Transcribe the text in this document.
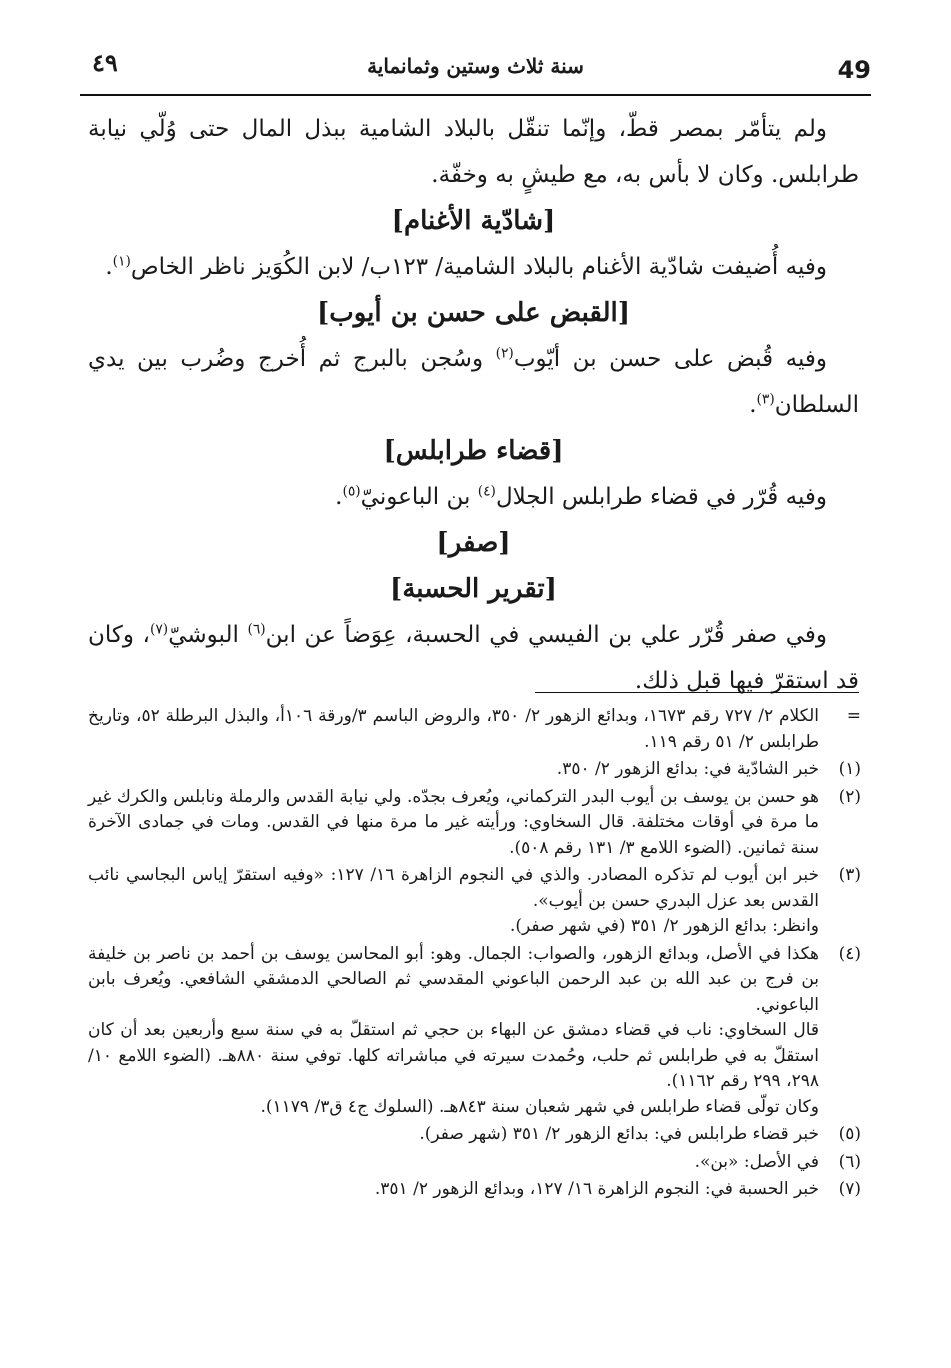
49
سنة ثلاث وستين وثمانماية
٤٩

ولم يتأمّر بمصر قطّ، وإنّما تنقّل بالبلاد الشامية ببذل المال حتى وُلّي نيابة طرابلس. وكان لا بأس به، مع طيشٍ به وخفّة.

[شادّية الأغنام]

وفيه أُضيفت شادّية الأغنام بالبلاد الشامية/ ١٢٣ب/ لابن الكُوَيز ناظر الخاص$^{(١)}$.

[القبض على حسن بن أيوب]

وفيه قُبض على حسن بن أيّوب$^{(٢)}$ وسُجن بالبرج ثم أُخرج وضُرب بين يدي السلطان$^{(٣)}$.

[قضاء طرابلس]

وفيه قُرّر في قضاء طرابلس الجلال$^{(٤)}$ بن الباعونيّ$^{(٥)}$.

[صفر]

[تقرير الحسبة]

وفي صفر قُرّر علي بن الفيسي في الحسبة، عِوَضاً عن ابن$^{(٦)}$ البوشيّ$^{(٧)}$، وكان قد استقرّ فيها قبل ذلك.

=

الكلام ٢/ ٧٢٧ رقم ١٦٧٣، وبدائع الزهور ٢/ ٣٥٠، والروض الباسم ٣/ورقة ١٠٦أ، والبذل البرطلة ٥٢، وتاريخ طرابلس ٢/ ٥١ رقم ١١٩.

(١)

خبر الشادّية في: بدائع الزهور ٢/ ٣٥٠.

(٢)

هو حسن بن يوسف بن أيوب البدر التركماني، ويُعرف بجدّه. ولي نيابة القدس والرملة ونابلس والكرك غير ما مرة في أوقات مختلفة. قال السخاوي: ورأيته غير ما مرة منها في القدس. ومات في جمادى الآخرة سنة ثمانين. (الضوء اللامع ٣/ ١٣١ رقم ٥٠٨).

(٣)

خبر ابن أيوب لم تذكره المصادر. والذي في النجوم الزاهرة ١٦/ ١٢٧: «وفيه استقرّ إياس البجاسي نائب القدس بعد عزل البدري حسن بن أيوب».

وانظر: بدائع الزهور ٢/ ٣٥١ (في شهر صفر).

(٤)

هكذا في الأصل، وبدائع الزهور، والصواب: الجمال. وهو: أبو المحاسن يوسف بن أحمد بن ناصر بن خليفة بن فرج بن عبد الله بن عبد الرحمن الباعوني المقدسي ثم الصالحي الدمشقي الشافعي. ويُعرف بابن الباعوني.

قال السخاوي: ناب في قضاء دمشق عن البهاء بن حجي ثم استقلّ به في سنة سبع وأربعين بعد أن كان استقلّ به في طرابلس ثم حلب، وحُمدت سيرته في مباشراته كلها. توفي سنة ٨٨٠هـ. (الضوء اللامع ١٠/ ٢٩٨، ٢٩٩ رقم ١١٦٢).

وكان تولّى قضاء طرابلس في شهر شعبان سنة ٨٤٣هـ. (السلوك ج٤ ق٣/ ١١٧٩).

(٥)

خبر قضاء طرابلس في: بدائع الزهور ٢/ ٣٥١ (شهر صفر).

(٦)

في الأصل: «بن».

(٧)

خبر الحسبة في: النجوم الزاهرة ١٦/ ١٢٧، وبدائع الزهور ٢/ ٣٥١.
